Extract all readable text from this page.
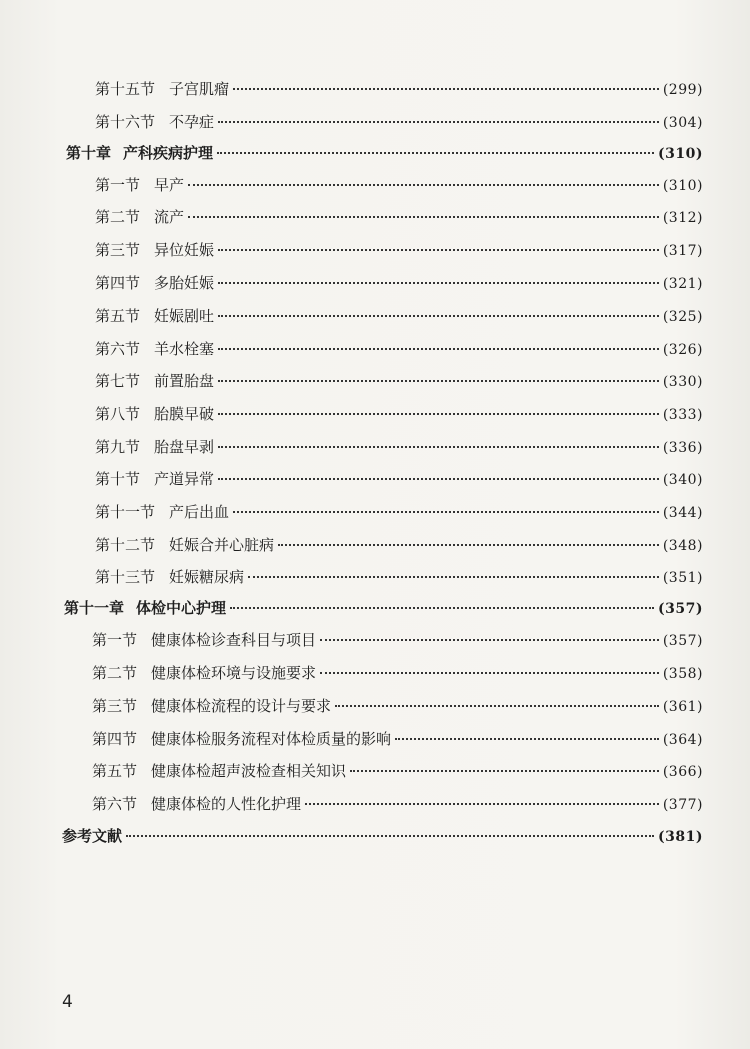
第十五节 子宫肌瘤	(299)
第十六节 不孕症	(304)
第十章 产科疾病护理	(310)
第一节 早产	(310)
第二节 流产	(312)
第三节 异位妊娠	(317)
第四节 多胎妊娠	(321)
第五节 妊娠剧吐	(325)
第六节 羊水栓塞	(326)
第七节 前置胎盘	(330)
第八节 胎膜早破	(333)
第九节 胎盘早剥	(336)
第十节 产道异常	(340)
第十一节 产后出血	(344)
第十二节 妊娠合并心脏病	(348)
第十三节 妊娠糖尿病	(351)
第十一章 体检中心护理	(357)
第一节 健康体检诊查科目与项目	(357)
第二节 健康体检环境与设施要求	(358)
第三节 健康体检流程的设计与要求	(361)
第四节 健康体检服务流程对体检质量的影响	(364)
第五节 健康体检超声波检查相关知识	(366)
第六节 健康体检的人性化护理	(377)
参考文献	(381)
4
